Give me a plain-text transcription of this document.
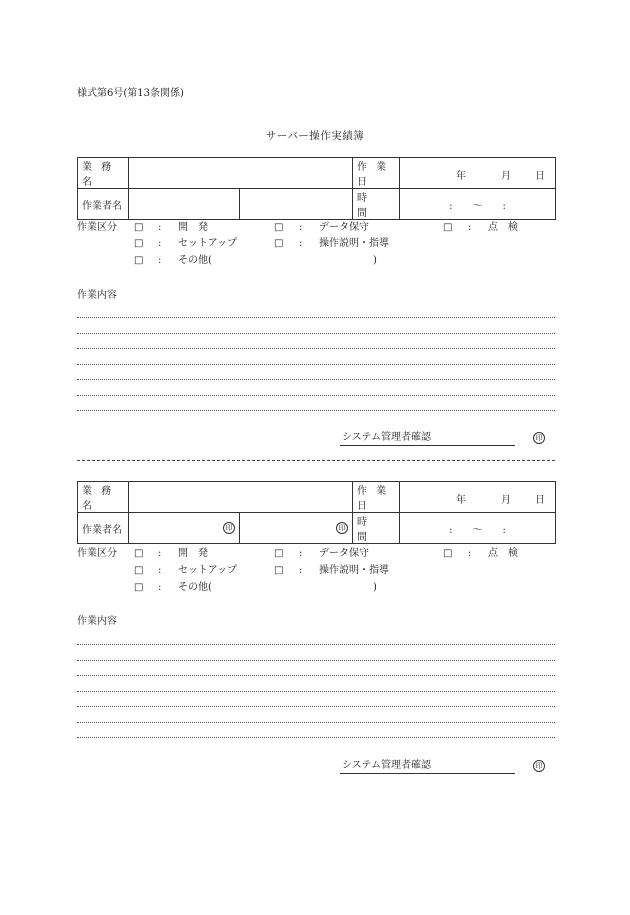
様式第6号(第13条関係)
サーバー操作実績簿
業 務 名			作 業 日	年 月 日

作業者名			時　　間	:　　〜　　:
作業区分 □ : 開　発	□ : データ保守	□ : 点　検
□ : セットアップ	□ : 操作説明・指導
□ : その他(	)
作業内容
システム管理者確認	印
業 務 名			作 業 日	年 月 日

作業者名	印	印	時　　間	:　　〜　　:
作業区分 □ : 開　発	□ : データ保守	□ : 点　検
□ : セットアップ	□ : 操作説明・指導
□ : その他(	)
作業内容
システム管理者確認	印
